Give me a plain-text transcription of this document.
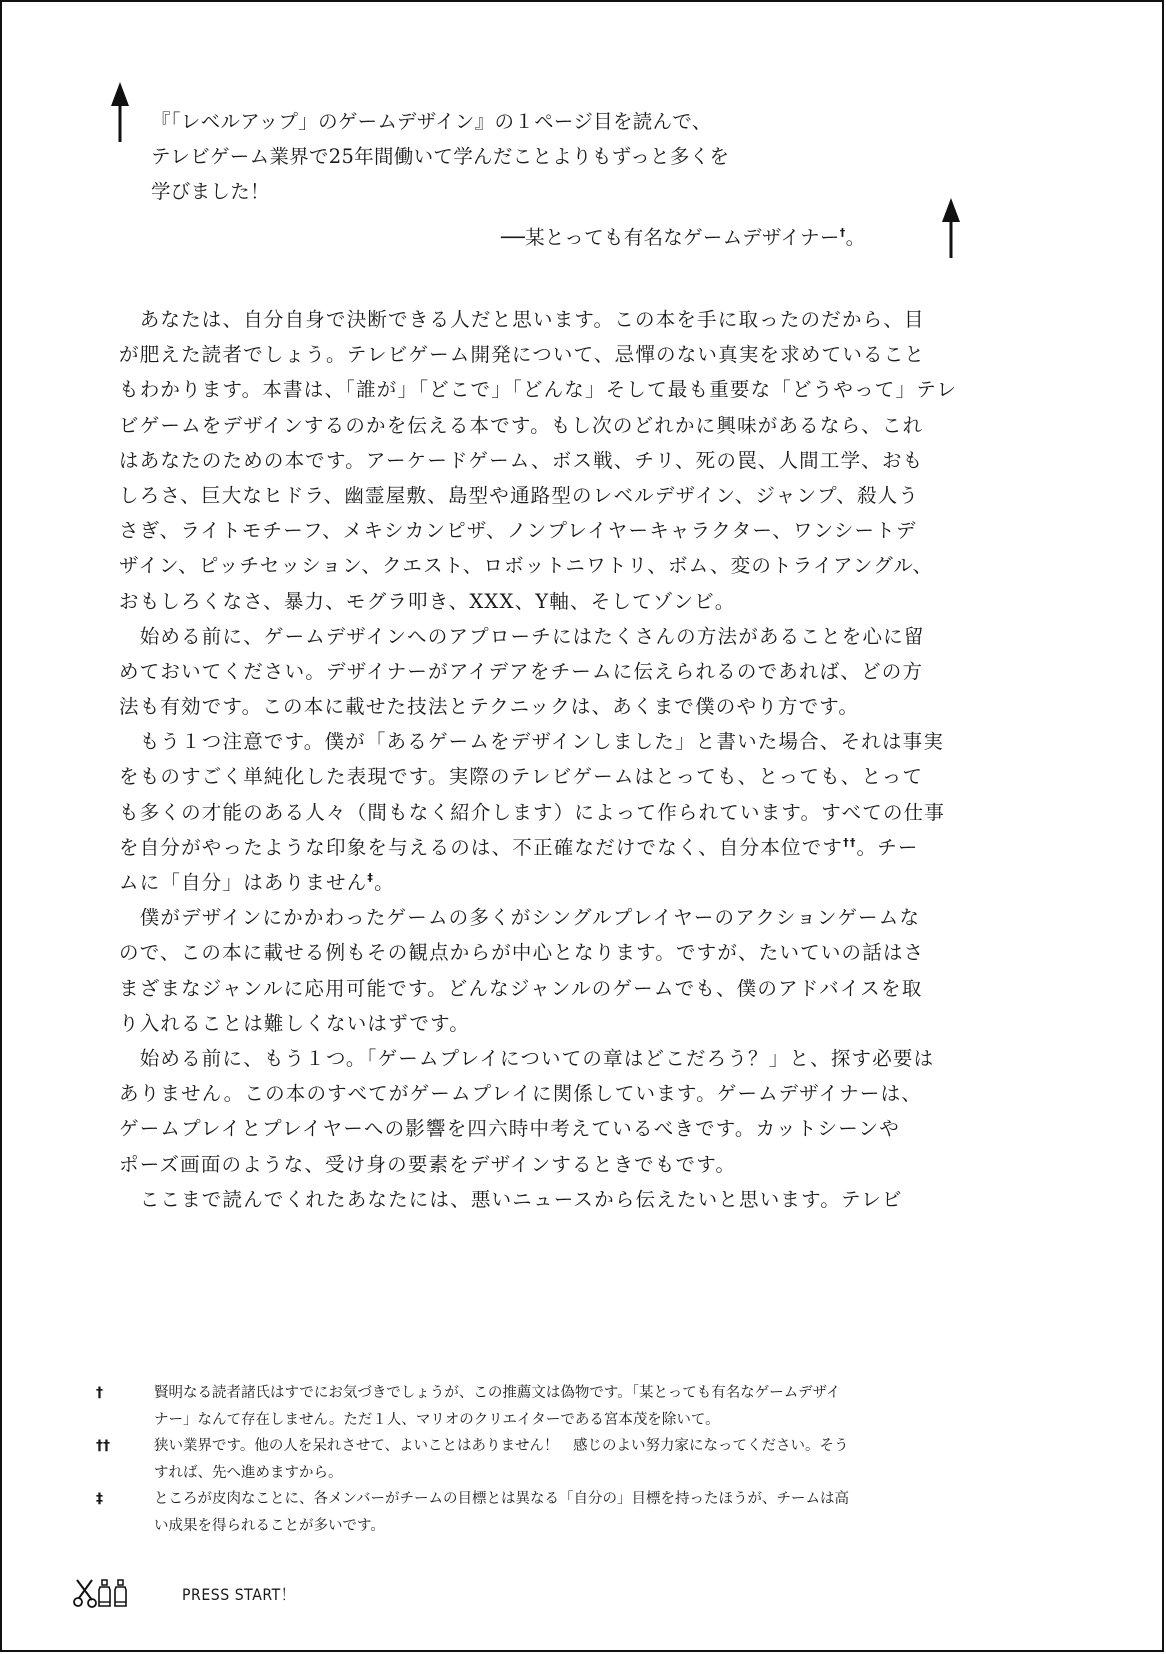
『「レベルアップ」のゲームデザイン』の１ページ目を読んで、

テレビゲーム業界で25年間働いて学んだことよりもずっと多くを

学びました！

──某とっても有名なゲームデザイナー†。
　あなたは、自分自身で決断できる人だと思います。この本を手に取ったのだから、目
が肥えた読者でしょう。テレビゲーム開発について、忌憚のない真実を求めていること
もわかります。本書は、「誰が」「どこで」「どんな」そして最も重要な「どうやって」テレ
ビゲームをデザインするのかを伝える本です。もし次のどれかに興味があるなら、これ
はあなたのための本です。アーケードゲーム、ボス戦、チリ、死の罠、人間工学、おも
しろさ、巨大なヒドラ、幽霊屋敷、島型や通路型のレベルデザイン、ジャンプ、殺人う
さぎ、ライトモチーフ、メキシカンピザ、ノンプレイヤーキャラクター、ワンシートデ
ザイン、ピッチセッション、クエスト、ロボットニワトリ、ボム、変のトライアングル、
おもしろくなさ、暴力、モグラ叩き、XXX、Y軸、そしてゾンビ。
　始める前に、ゲームデザインへのアプローチにはたくさんの方法があることを心に留
めておいてください。デザイナーがアイデアをチームに伝えられるのであれば、どの方
法も有効です。この本に載せた技法とテクニックは、あくまで僕のやり方です。
　もう１つ注意です。僕が「あるゲームをデザインしました」と書いた場合、それは事実
をものすごく単純化した表現です。実際のテレビゲームはとっても、とっても、とって
も多くの才能のある人々（間もなく紹介します）によって作られています。すべての仕事
を自分がやったような印象を与えるのは、不正確なだけでなく、自分本位です††。チー
ムに「自分」はありません‡。
　僕がデザインにかかわったゲームの多くがシングルプレイヤーのアクションゲームな
ので、この本に載せる例もその観点からが中心となります。ですが、たいていの話はさ
まざまなジャンルに応用可能です。どんなジャンルのゲームでも、僕のアドバイスを取
り入れることは難しくないはずです。
　始める前に、もう１つ。「ゲームプレイについての章はどこだろう？」と、探す必要は
ありません。この本のすべてがゲームプレイに関係しています。ゲームデザイナーは、
ゲームプレイとプレイヤーへの影響を四六時中考えているべきです。カットシーンや
ポーズ画面のような、受け身の要素をデザインするときでもです。
　ここまで読んでくれたあなたには、悪いニュースから伝えたいと思います。テレビ
†	賢明なる読者諸氏はすでにお気づきでしょうが、この推薦文は偽物です。「某とっても有名なゲームデザイ
ナー」なんて存在しません。ただ１人、マリオのクリエイターである宮本茂を除いて。
††	狭い業界です。他の人を呆れさせて、よいことはありません！　感じのよい努力家になってください。そう
すれば、先へ進めますから。
‡	ところが皮肉なことに、各メンバーがチームの目標とは異なる「自分の」目標を持ったほうが、チームは高
い成果を得られることが多いです。
PRESS START！
